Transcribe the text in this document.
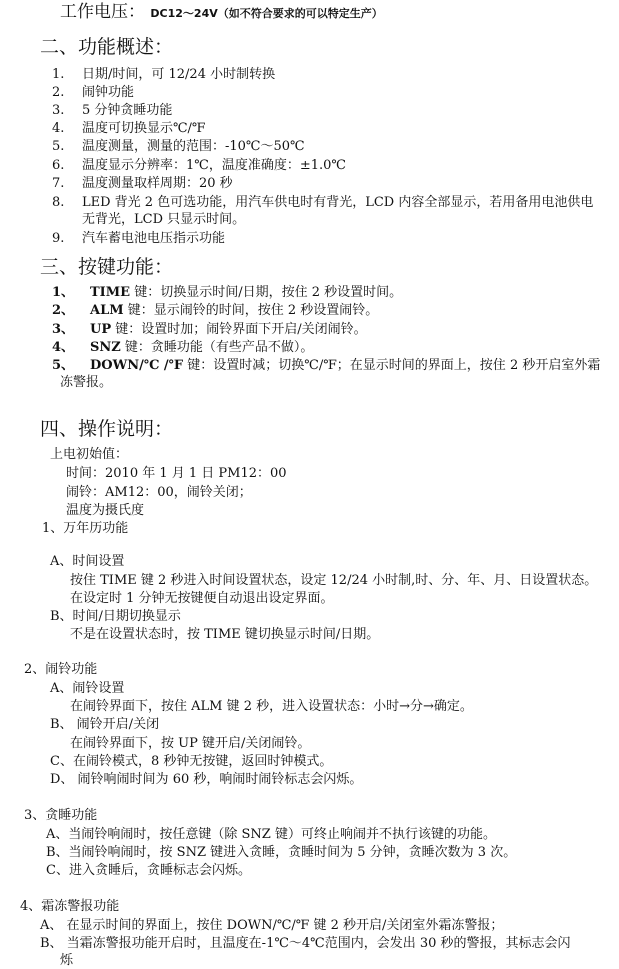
工作电压： DC12～24V（如不符合要求的可以特定生产）
二、功能概述：
1. 日期/时间，可 12/24 小时制转换
2. 闹钟功能
3. 5 分钟贪睡功能
4. 温度可切换显示℃/℉
5. 温度测量，测量的范围：-10℃～50℃
6. 温度显示分辨率：1℃，温度准确度：±1.0℃
7. 温度测量取样周期：20 秒
8. LED 背光 2 色可选功能，用汽车供电时有背光，LCD 内容全部显示，若用备用电池供电
无背光，LCD 只显示时间。
9. 汽车蓄电池电压指示功能
三、按键功能：
1、 TIME 键：切换显示时间/日期，按住 2 秒设置时间。
2、 ALM 键：显示闹铃的时间，按住 2 秒设置闹铃。
3、 UP 键：设置时加；闹铃界面下开启/关闭闹铃。
4、 SNZ 键：贪睡功能（有些产品不做）。
5、 DOWN/℃ /℉ 键：设置时减；切换℃/℉；在显示时间的界面上，按住 2 秒开启室外霜
冻警报。
四、操作说明：
上电初始值：
时间：2010 年 1 月 1 日 PM12：00
闹铃：AM12：00，闹铃关闭；
温度为摄氏度
1、万年历功能
A、时间设置
按住 TIME 键 2 秒进入时间设置状态，设定 12/24 小时制,时、分、年、月、日设置状态。
在设定时 1 分钟无按键便自动退出设定界面。
B、时间/日期切换显示
不是在设置状态时，按 TIME 键切换显示时间/日期。
2、闹铃功能
A、闹铃设置
在闹铃界面下，按住 ALM 键 2 秒，进入设置状态：小时→分→确定。
B、 闹铃开启/关闭
在闹铃界面下，按 UP 键开启/关闭闹铃。
C、在闹铃模式，8 秒钟无按键，返回时钟模式。
D、 闹铃响闹时间为 60 秒，响闹时闹铃标志会闪烁。
3、贪睡功能
A、当闹铃响闹时，按任意键（除 SNZ 键）可终止响闹并不执行该键的功能。
B、当闹铃响闹时，按 SNZ 键进入贪睡，贪睡时间为 5 分钟，贪睡次数为 3 次。
C、进入贪睡后，贪睡标志会闪烁。
4、霜冻警报功能
A、 在显示时间的界面上，按住 DOWN/℃/℉ 键 2 秒开启/关闭室外霜冻警报；
B、 当霜冻警报功能开启时，且温度在-1℃～4℃范围内，会发出 30 秒的警报，其标志会闪
烁
